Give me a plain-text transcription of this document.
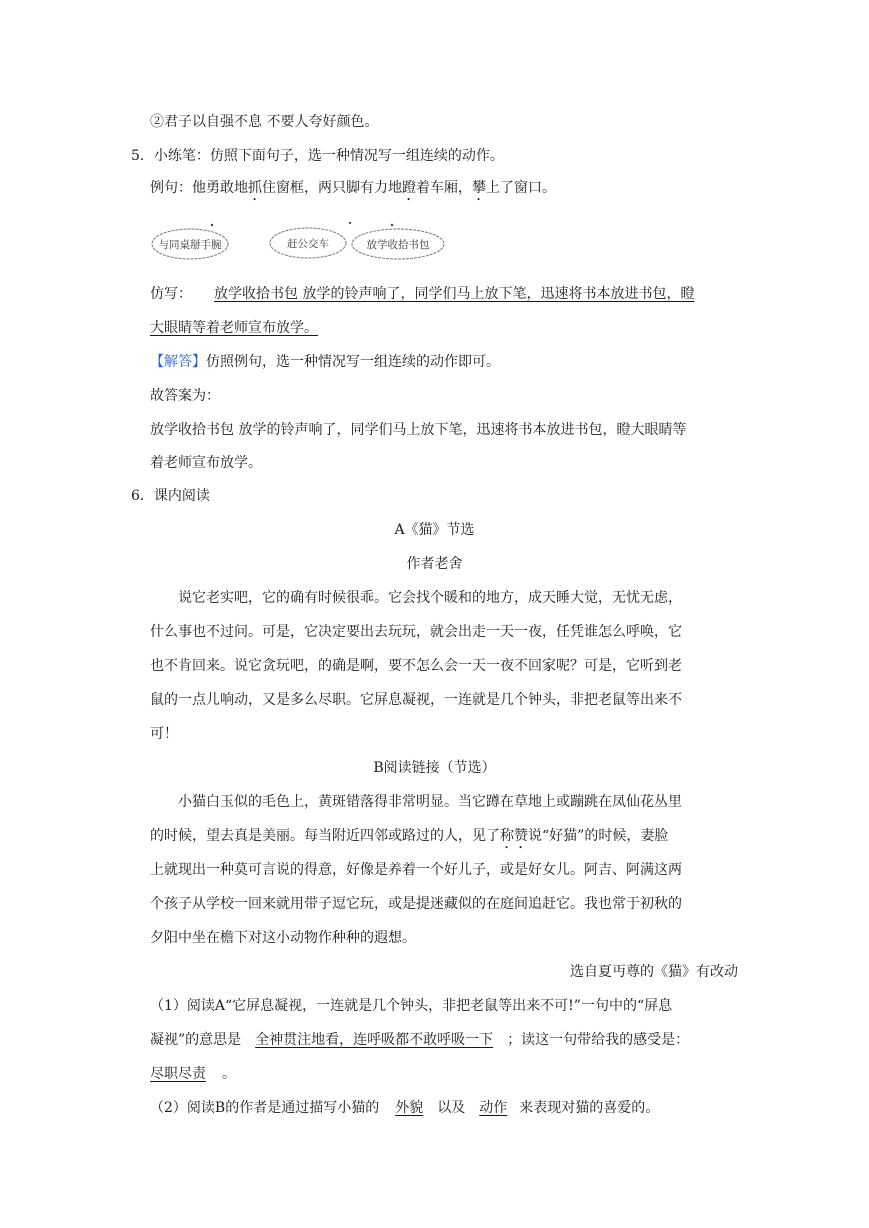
②君子以自强不息 不要人夸好颜色。
5．小练笔：仿照下面句子，选一种情况写一组连续的动作。
例句：他勇敢地抓住窗框，两只脚有力地蹬着车厢，攀上了窗口。
与同桌掰手腕	赶公交车	放学收拾书包
仿写： 放学收拾书包 放学的铃声响了，同学们马上放下笔，迅速将书本放进书包，瞪
大眼睛等着老师宣布放学。
【解答】仿照例句，选一种情况写一组连续的动作即可。
故答案为：
放学收拾书包 放学的铃声响了，同学们马上放下笔，迅速将书本放进书包，瞪大眼睛等
着老师宣布放学。
6．课内阅读
A《猫》节选
作者老舍
说它老实吧，它的确有时候很乖。它会找个暖和的地方，成天睡大觉，无忧无虑，
什么事也不过问。可是，它决定要出去玩玩，就会出走一天一夜，任凭谁怎么呼唤，它
也不肯回来。说它贪玩吧，的确是啊，要不怎么会一天一夜不回家呢？可是，它听到老
鼠的一点儿响动，又是多么尽职。它屏息凝视，一连就是几个钟头，非把老鼠等出来不
可！
B阅读链接（节选）
小猫白玉似的毛色上，黄斑错落得非常明显。当它蹲在草地上或蹦跳在凤仙花丛里
的时候，望去真是美丽。每当附近四邻或路过的人，见了称赞说“好猫”的时候，妻脸
上就现出一种莫可言说的得意，好像是养着一个好儿子，或是好女儿。阿吉、阿满这两
个孩子从学校一回来就用带子逗它玩，或是提迷藏似的在庭间追赶它。我也常于初秋的
夕阳中坐在檐下对这小动物作种种的遐想。
选自夏丏尊的《猫》有改动
（1）阅读A“它屏息凝视，一连就是几个钟头，非把老鼠等出来不可!”一句中的“屏息
凝视”的意思是 全神贯注地看，连呼吸都不敢呼吸一下 ；读这一句带给我的感受是：
尽职尽责 。
（2）阅读B的作者是通过描写小猫的 外貌 以及 动作 来表现对猫的喜爱的。
